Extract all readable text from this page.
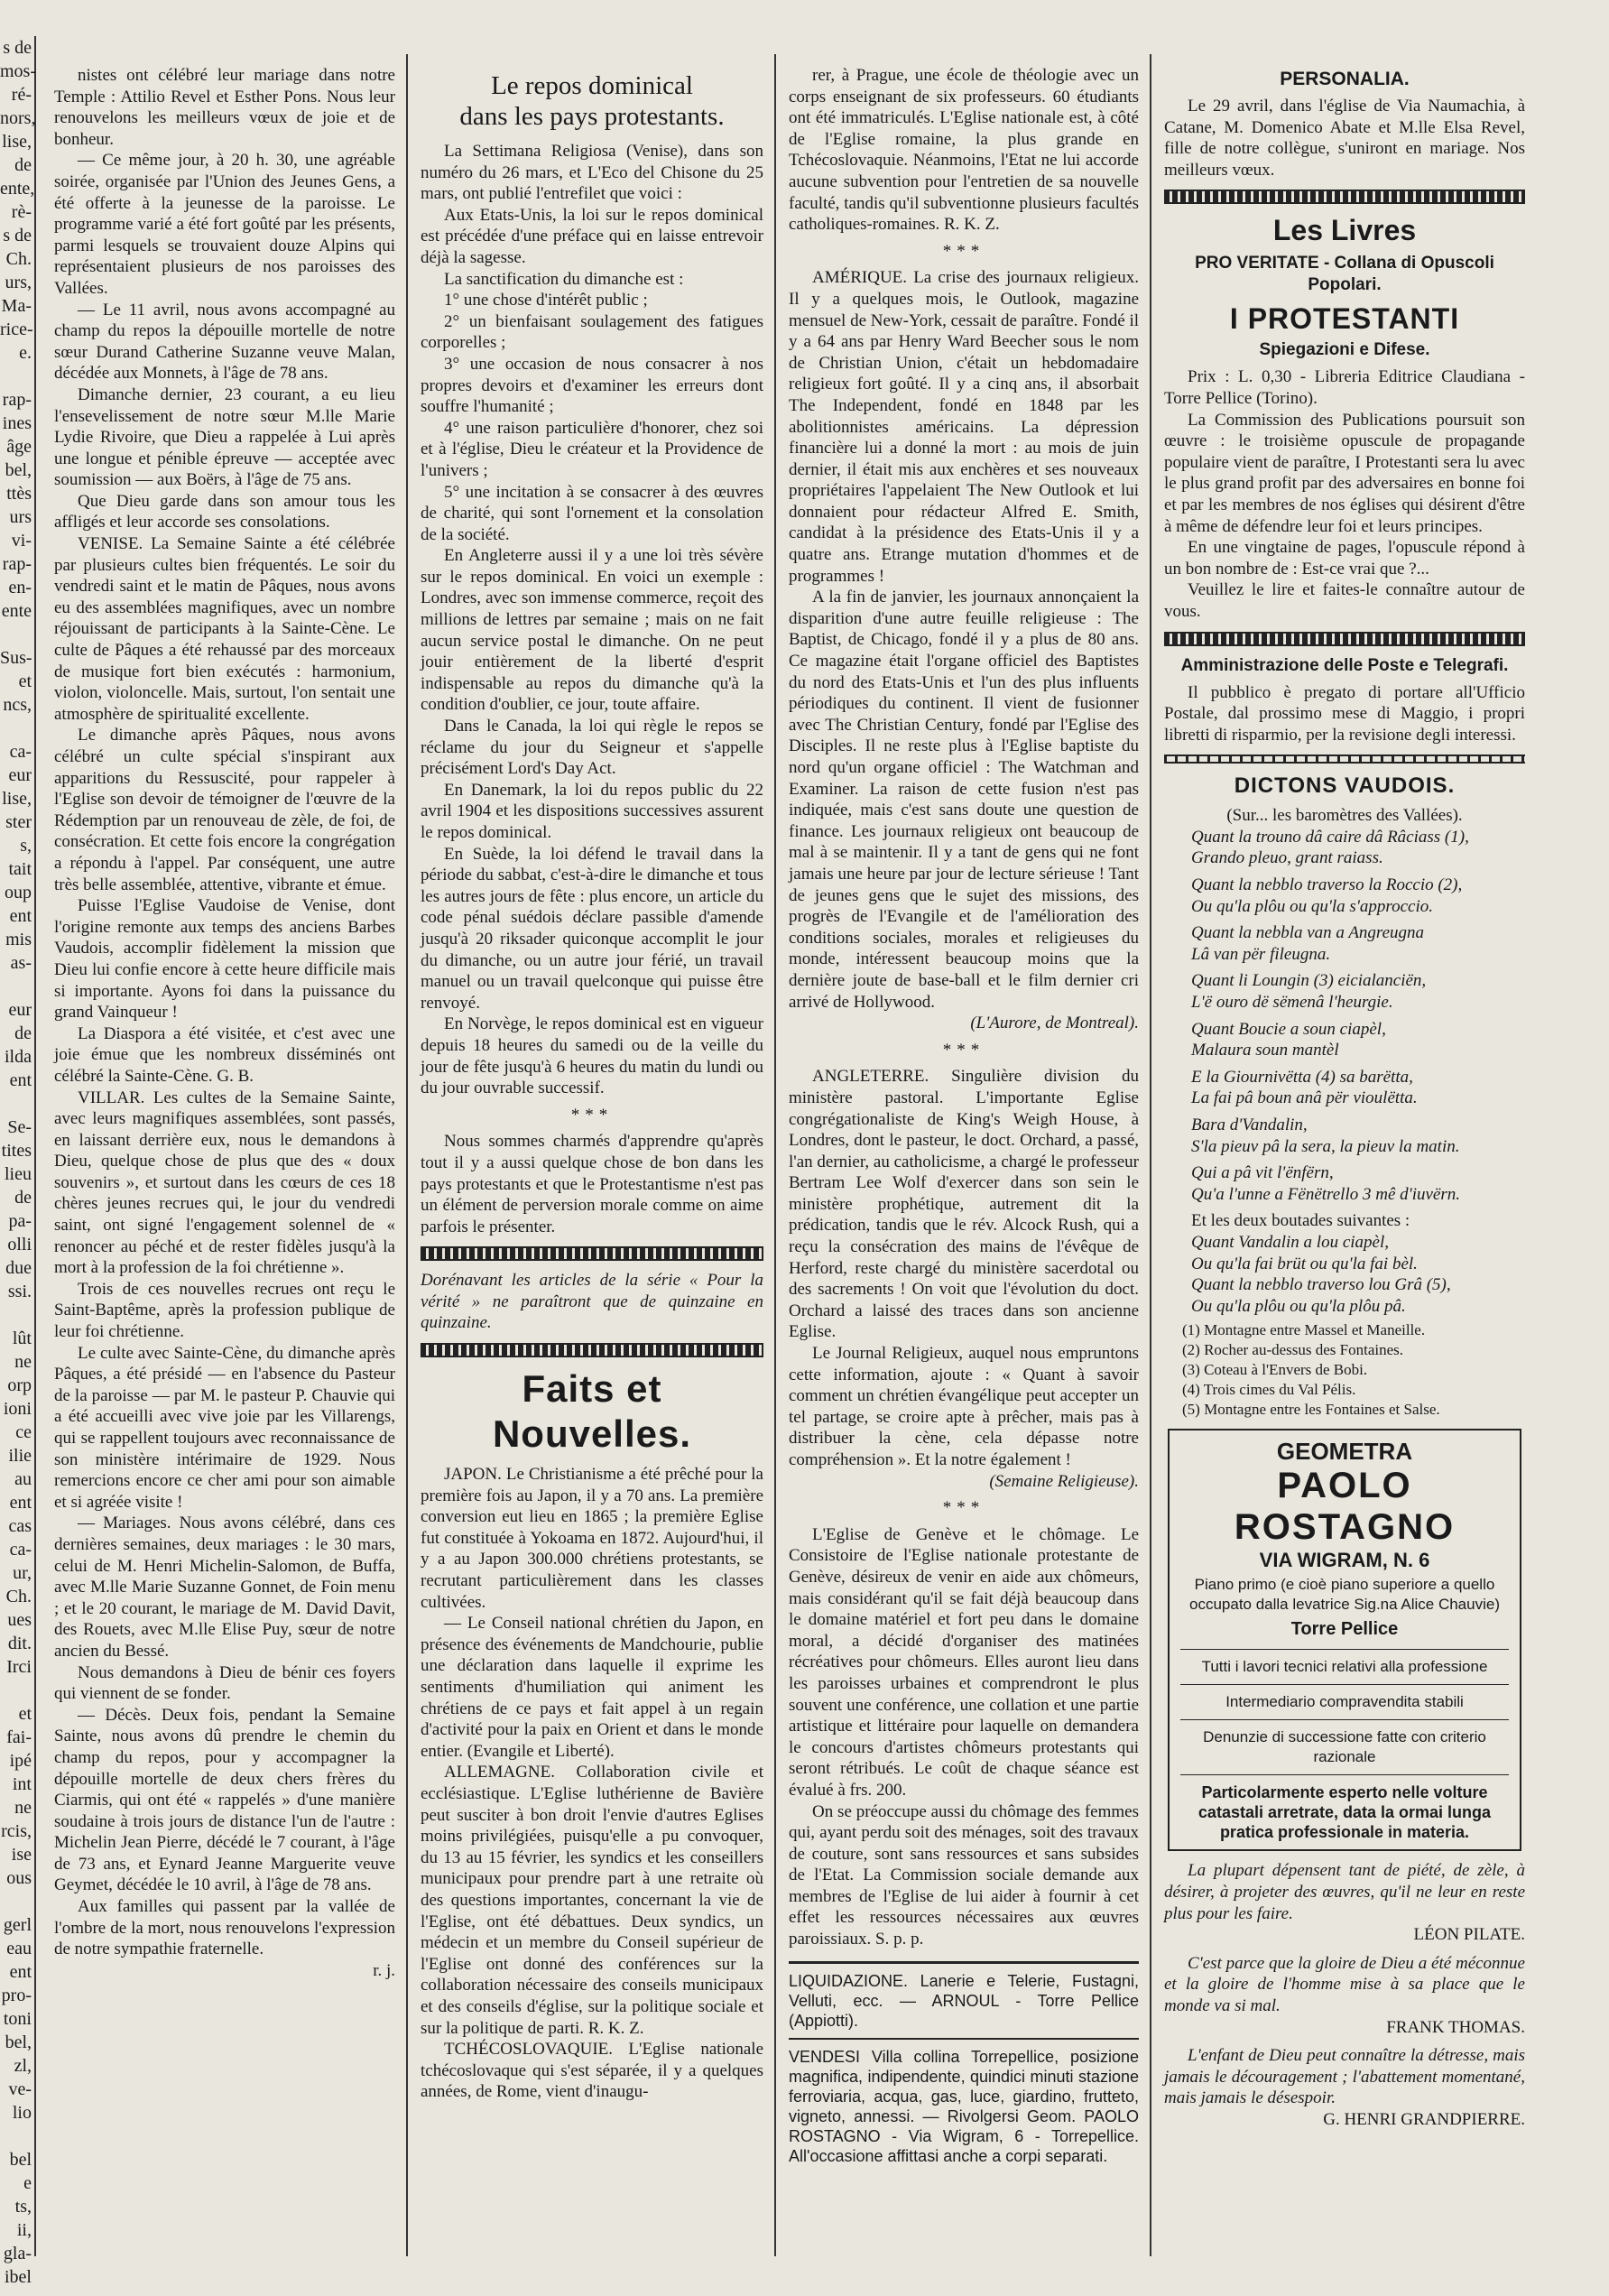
s de
mos-
ré-
nors,
lise,
de
ente,
rè-
s de
Ch.
urs,
Ma-
rice-
e.

rap-
ines
âge
bel,
ttès
urs
vi-
rap-
en-
ente

Sus-
et
ncs,

ca-
eur
lise,
ster
s,
tait
oup
ent
mis
as-

eur
de
ilda
ent

Se-
tites
lieu
de
pa-
olli
due
ssi.

lût
ne
orp
ioni
ce
ilie
au
ent
cas
ca-
ur,
Ch.
ues
dit.
Irci

et
fai-
ipé
int
ne
rcis,
ise
ous

gerl
eau
ent
pro-
toni
bel,
zl,
ve-
lio

bel
e
ts,
ii,
gla-
ibel

nistes ont célébré leur mariage dans notre Temple : Attilio Revel et Esther Pons. Nous leur renouvelons les meilleurs vœux de joie et de bonheur.

— Ce même jour, à 20 h. 30, une agréable soirée, organisée par l'Union des Jeunes Gens, a été offerte à la jeunesse de la paroisse. Le programme varié a été fort goûté par les présents, parmi lesquels se trouvaient douze Alpins qui représentaient plusieurs de nos paroisses des Vallées.

— Le 11 avril, nous avons accompagné au champ du repos la dépouille mortelle de notre sœur Durand Catherine Suzanne veuve Malan, décédée aux Monnets, à l'âge de 78 ans.

Dimanche dernier, 23 courant, a eu lieu l'ensevelissement de notre sœur M.lle Marie Lydie Rivoire, que Dieu a rappelée à Lui après une longue et pénible épreuve — acceptée avec soumission — aux Boërs, à l'âge de 75 ans.

Que Dieu garde dans son amour tous les affligés et leur accorde ses consolations.

VENISE. La Semaine Sainte a été célébrée par plusieurs cultes bien fréquentés. Le soir du vendredi saint et le matin de Pâques, nous avons eu des assemblées magnifiques, avec un nombre réjouissant de participants à la Sainte-Cène. Le culte de Pâques a été rehaussé par des morceaux de musique fort bien exécutés : harmonium, violon, violoncelle. Mais, surtout, l'on sentait une atmosphère de spiritualité excellente.

Le dimanche après Pâques, nous avons célébré un culte spécial s'inspirant aux apparitions du Ressuscité, pour rappeler à l'Eglise son devoir de témoigner de l'œuvre de la Rédemption par un renouveau de zèle, de foi, de consécration. Et cette fois encore la congrégation a répondu à l'appel. Par conséquent, une autre très belle assemblée, attentive, vibrante et émue.

Puisse l'Eglise Vaudoise de Venise, dont l'origine remonte aux temps des anciens Barbes Vaudois, accomplir fidèlement la mission que Dieu lui confie encore à cette heure difficile mais si importante. Ayons foi dans la puissance du grand Vainqueur !

La Diaspora a été visitée, et c'est avec une joie émue que les nombreux disséminés ont célébré la Sainte-Cène. G. B.

VILLAR. Les cultes de la Semaine Sainte, avec leurs magnifiques assemblées, sont passés, en laissant derrière eux, nous le demandons à Dieu, quelque chose de plus que des « doux souvenirs », et surtout dans les cœurs de ces 18 chères jeunes recrues qui, le jour du vendredi saint, ont signé l'engagement solennel de « renoncer au péché et de rester fidèles jusqu'à la mort à la profession de la foi chrétienne ».

Trois de ces nouvelles recrues ont reçu le Saint-Baptême, après la profession publique de leur foi chrétienne.

Le culte avec Sainte-Cène, du dimanche après Pâques, a été présidé — en l'absence du Pasteur de la paroisse — par M. le pasteur P. Chauvie qui a été accueilli avec vive joie par les Villarengs, qui se rappellent toujours avec reconnaissance de son ministère intérimaire de 1929. Nous remercions encore ce cher ami pour son aimable et si agréée visite !

— Mariages. Nous avons célébré, dans ces dernières semaines, deux mariages : le 30 mars, celui de M. Henri Michelin-Salomon, de Buffa, avec M.lle Marie Suzanne Gonnet, de Foin menu ; et le 20 courant, le mariage de M. David Davit, des Rouets, avec M.lle Elise Puy, sœur de notre ancien du Bessé.

Nous demandons à Dieu de bénir ces foyers qui viennent de se fonder.

— Décès. Deux fois, pendant la Semaine Sainte, nous avons dû prendre le chemin du champ du repos, pour y accompagner la dépouille mortelle de deux chers frères du Ciarmis, qui ont été « rappelés » d'une manière soudaine à trois jours de distance l'un de l'autre : Michelin Jean Pierre, décédé le 7 courant, à l'âge de 73 ans, et Eynard Jeanne Marguerite veuve Geymet, décédée le 10 avril, à l'âge de 78 ans.

Aux familles qui passent par la vallée de l'ombre de la mort, nous renouvelons l'expression de notre sympathie fraternelle.

r. j.
Le repos dominical
dans les pays protestants.

La Settimana Religiosa (Venise), dans son numéro du 26 mars, et L'Eco del Chisone du 25 mars, ont publié l'entrefilet que voici :

Aux Etats-Unis, la loi sur le repos dominical est précédée d'une préface qui en laisse entrevoir déjà la sagesse.

La sanctification du dimanche est :

1° une chose d'intérêt public ;

2° un bienfaisant soulagement des fatigues corporelles ;

3° une occasion de nous consacrer à nos propres devoirs et d'examiner les erreurs dont souffre l'humanité ;

4° une raison particulière d'honorer, chez soi et à l'église, Dieu le créateur et la Providence de l'univers ;

5° une incitation à se consacrer à des œuvres de charité, qui sont l'ornement et la consolation de la société.

En Angleterre aussi il y a une loi très sévère sur le repos dominical. En voici un exemple : Londres, avec son immense commerce, reçoit des millions de lettres par semaine ; mais on ne fait aucun service postal le dimanche. On ne peut jouir entièrement de la liberté d'esprit indispensable au repos du dimanche qu'à la condition d'oublier, ce jour, toute affaire.

Dans le Canada, la loi qui règle le repos se réclame du jour du Seigneur et s'appelle précisément Lord's Day Act.

En Danemark, la loi du repos public du 22 avril 1904 et les dispositions successives assurent le repos dominical.

En Suède, la loi défend le travail dans la période du sabbat, c'est-à-dire le dimanche et tous les autres jours de fête : plus encore, un article du code pénal suédois déclare passible d'amende jusqu'à 20 riksader quiconque accomplit le jour du dimanche, ou un autre jour férié, un travail manuel ou un travail quelconque qui puisse être renvoyé.

En Norvège, le repos dominical est en vigueur depuis 18 heures du samedi ou de la veille du jour de fête jusqu'à 6 heures du matin du lundi ou du jour ouvrable successif.

***

Nous sommes charmés d'apprendre qu'après tout il y a aussi quelque chose de bon dans les pays protestants et que le Protestantisme n'est pas un élément de perversion morale comme on aime parfois le présenter.

Dorénavant les articles de la série « Pour la vérité » ne paraîtront que de quinzaine en quinzaine.

Faits et Nouvelles.

JAPON. Le Christianisme a été prêché pour la première fois au Japon, il y a 70 ans. La première conversion eut lieu en 1865 ; la première Eglise fut constituée à Yokoama en 1872. Aujourd'hui, il y a au Japon 300.000 chrétiens protestants, se recrutant particulièrement dans les classes cultivées.

— Le Conseil national chrétien du Japon, en présence des événements de Mandchourie, publie une déclaration dans laquelle il exprime les sentiments d'humiliation qui animent les chrétiens de ce pays et fait appel à un regain d'activité pour la paix en Orient et dans le monde entier. (Evangile et Liberté).

ALLEMAGNE. Collaboration civile et ecclésiastique. L'Eglise luthérienne de Bavière peut susciter à bon droit l'envie d'autres Eglises moins privilégiées, puisqu'elle a pu convoquer, du 13 au 15 février, les syndics et les conseillers municipaux pour prendre part à une retraite où des questions importantes, concernant la vie de l'Eglise, ont été débattues. Deux syndics, un médecin et un membre du Conseil supérieur de l'Eglise ont donné des conférences sur la collaboration nécessaire des conseils municipaux et des conseils d'église, sur la politique sociale et sur la politique de parti. R. K. Z.

TCHÉCOSLOVAQUIE. L'Eglise nationale tchécoslovaque qui s'est séparée, il y a quelques années, de Rome, vient d'inaugu-

rer, à Prague, une école de théologie avec un corps enseignant de six professeurs. 60 étudiants ont été immatriculés. L'Eglise nationale est, à côté de l'Eglise romaine, la plus grande en Tchécoslovaquie. Néanmoins, l'Etat ne lui accorde aucune subvention pour l'entretien de sa nouvelle faculté, tandis qu'il subventionne plusieurs facultés catholiques-romaines. R. K. Z.

***

AMÉRIQUE. La crise des journaux religieux. Il y a quelques mois, le Outlook, magazine mensuel de New-York, cessait de paraître. Fondé il y a 64 ans par Henry Ward Beecher sous le nom de Christian Union, c'était un hebdomadaire religieux fort goûté. Il y a cinq ans, il absorbait The Independent, fondé en 1848 par les abolitionnistes américains. La dépression financière lui a donné la mort : au mois de juin dernier, il était mis aux enchères et ses nouveaux propriétaires l'appelaient The New Outlook et lui donnaient pour rédacteur Alfred E. Smith, candidat à la présidence des Etats-Unis il y a quatre ans. Etrange mutation d'hommes et de programmes !

A la fin de janvier, les journaux annonçaient la disparition d'une autre feuille religieuse : The Baptist, de Chicago, fondé il y a plus de 80 ans. Ce magazine était l'organe officiel des Baptistes du nord des Etats-Unis et l'un des plus influents périodiques du continent. Il vient de fusionner avec The Christian Century, fondé par l'Eglise des Disciples. Il ne reste plus à l'Eglise baptiste du nord qu'un organe officiel : The Watchman and Examiner. La raison de cette fusion n'est pas indiquée, mais c'est sans doute une question de finance. Les journaux religieux ont beaucoup de mal à se maintenir. Il y a tant de gens qui ne font jamais une heure par jour de lecture sérieuse ! Tant de jeunes gens que le sujet des missions, des progrès de l'Evangile et de l'amélioration des conditions sociales, morales et religieuses du monde, intéressent beaucoup moins que la dernière joute de base-ball et le film dernier cri arrivé de Hollywood.

(L'Aurore, de Montreal).

***

ANGLETERRE. Singulière division du ministère pastoral. L'importante Eglise congrégationaliste de King's Weigh House, à Londres, dont le pasteur, le doct. Orchard, a passé, l'an dernier, au catholicisme, a chargé le professeur Bertram Lee Wolf d'exercer dans son sein le ministère prophétique, autrement dit la prédication, tandis que le rév. Alcock Rush, qui a reçu la consécration des mains de l'évêque de Herford, reste chargé du ministère sacerdotal ou des sacrements ! On voit que l'évolution du doct. Orchard a laissé des traces dans son ancienne Eglise.

Le Journal Religieux, auquel nous empruntons cette information, ajoute : « Quant à savoir comment un chrétien évangélique peut accepter un tel partage, se croire apte à prêcher, mais pas à distribuer la cène, cela dépasse notre compréhension ». Et la notre également !

(Semaine Religieuse).

***

L'Eglise de Genève et le chômage. Le Consistoire de l'Eglise nationale protestante de Genève, désireux de venir en aide aux chômeurs, mais considérant qu'il se fait déjà beaucoup dans le domaine matériel et fort peu dans le domaine moral, a décidé d'organiser des matinées récréatives pour chômeurs. Elles auront lieu dans les paroisses urbaines et comprendront le plus souvent une conférence, une collation et une partie artistique et littéraire pour laquelle on demandera le concours d'artistes chômeurs protestants qui seront rétribués. Le coût de chaque séance est évalué à frs. 200.

On se préoccupe aussi du chômage des femmes qui, ayant perdu soit des ménages, soit des travaux de couture, sont sans ressources et sans subsides de l'Etat. La Commission sociale demande aux membres de l'Eglise de lui aider à fournir à cet effet les ressources nécessaires aux œuvres paroissiaux. S. p. p.

LIQUIDAZIONE. Lanerie e Telerie, Fustagni, Velluti, ecc. — ARNOUL - Torre Pellice (Appiotti).

VENDESI Villa collina Torrepellice, posizione magnifica, indipendente, quindici minuti stazione ferroviaria, acqua, gas, luce, giardino, frutteto, vigneto, annessi. — Rivolgersi Geom. PAOLO ROSTAGNO - Via Wigram, 6 - Torrepellice. All'occasione affittasi anche a corpi separati.

PERSONALIA.

Le 29 avril, dans l'église de Via Naumachia, à Catane, M. Domenico Abate et M.lle Elsa Revel, fille de notre collègue, s'uniront en mariage. Nos meilleurs vœux.

Les Livres
PRO VERITATE - Collana di Opuscoli Popolari.
I PROTESTANTI
Spiegazioni e Difese.

Prix : L. 0,30 - Libreria Editrice Claudiana - Torre Pellice (Torino).

La Commission des Publications poursuit son œuvre : le troisième opuscule de propagande populaire vient de paraître, I Protestanti sera lu avec le plus grand profit par des adversaires en bonne foi et par les membres de nos églises qui désirent d'être à même de défendre leur foi et leurs principes.

En une vingtaine de pages, l'opuscule répond à un bon nombre de : Est-ce vrai que ?...

Veuillez le lire et faites-le connaître autour de vous.

Amministrazione delle Poste e Telegrafi.

Il pubblico è pregato di portare all'Ufficio Postale, dal prossimo mese di Maggio, i propri libretti di risparmio, per la revisione degli interessi.

DICTONS VAUDOIS.

(Sur... les baromètres des Vallées).

Quant la trouno dâ caire dâ Râciass (1),

Grando pleuo, grant raiass.

Quant la nebblo traverso la Roccio (2),

Ou qu'la plôu ou qu'la s'approccio.

Quant la nebbla van a Angreugna

Lâ van për fileugna.

Quant li Loungin (3) eicialanciën,

L'ë ouro dë sëmenâ l'heurgie.

Quant Boucie a soun ciapèl,

Malaura soun mantèl

E la Giournivëtta (4) sa barëtta,

La fai pâ boun anâ për vioulëtta.

Bara d'Vandalin,

S'la pieuv pâ la sera, la pieuv la matin.

Qui a pâ vit l'ënfërn,

Qu'a l'unne a Fënëtrello 3 mê d'iuvërn.

Et les deux boutades suivantes :

Quant Vandalin a lou ciapèl,

Ou qu'la fai brüt ou qu'la fai bèl.

Quant la nebblo traverso lou Grâ (5),

Ou qu'la plôu ou qu'la plôu pâ.

(1) Montagne entre Massel et Maneille.
(2) Rocher au-dessus des Fontaines.
(3) Coteau à l'Envers de Bobi.
(4) Trois cimes du Val Pélis.
(5) Montagne entre les Fontaines et Salse.
GEOMETRA
PAOLO ROSTAGNO
VIA WIGRAM, N. 6
Piano primo (e cioè piano superiore a quello occupato dalla levatrice Sig.na Alice Chauvie)
Torre Pellice
Tutti i lavori tecnici relativi alla professione
Intermediario compravendita stabili
Denunzie di successione fatte con criterio razionale
Particolarmente esperto nelle volture catastali arretrate, data la ormai lunga pratica professionale in materia.

La plupart dépensent tant de piété, de zèle, à désirer, à projeter des œuvres, qu'il ne leur en reste plus pour les faire.

LÉON PILATE.

C'est parce que la gloire de Dieu a été méconnue et la gloire de l'homme mise à sa place que le monde va si mal.

FRANK THOMAS.

L'enfant de Dieu peut connaître la détresse, mais jamais le découragement ; l'abattement momentané, mais jamais le désespoir.

G. HENRI GRANDPIERRE.
